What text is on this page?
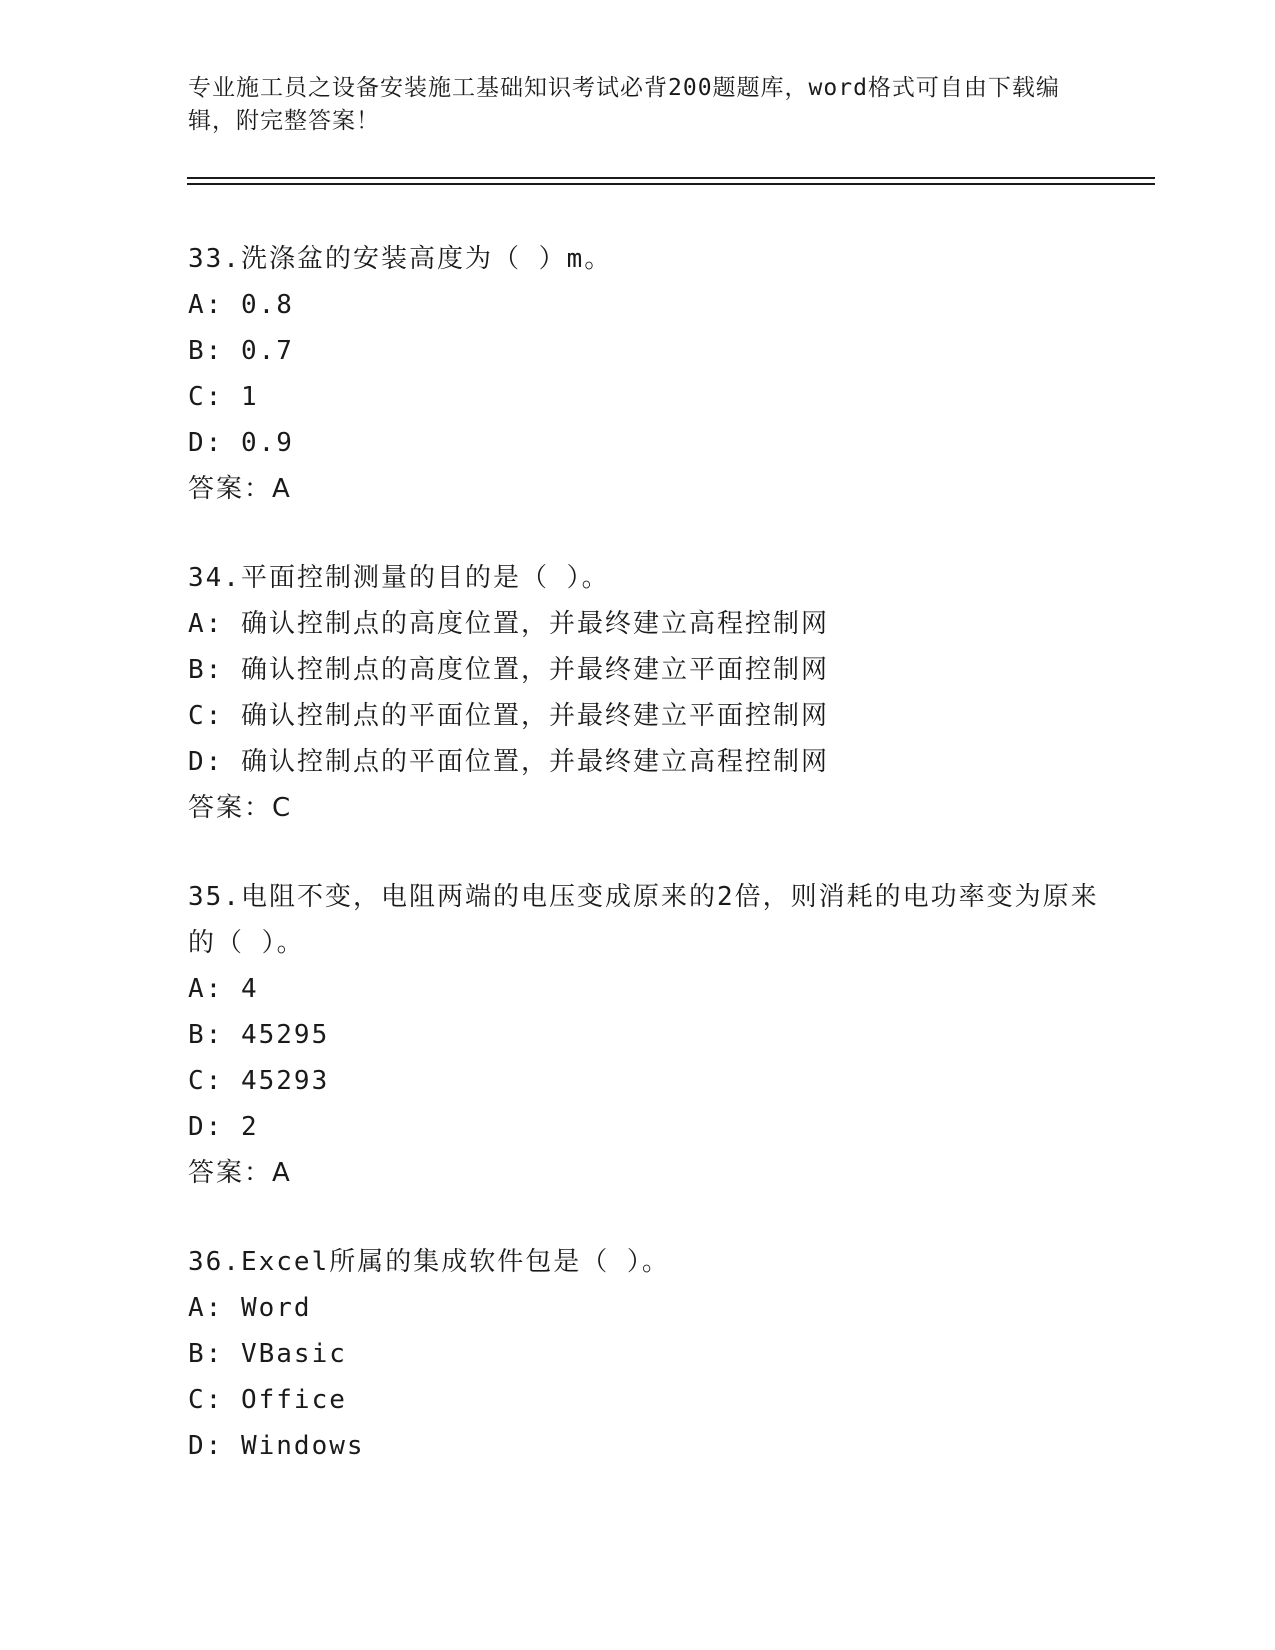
专业施工员之设备安装施工基础知识考试必背200题题库，word格式可自由下载编辑，附完整答案！
33.洗涤盆的安装高度为（ ）m。
A: 0.8
B: 0.7
C: 1
D: 0.9
答案：A
34.平面控制测量的目的是（ ）。
A: 确认控制点的高度位置，并最终建立高程控制网
B: 确认控制点的高度位置，并最终建立平面控制网
C: 确认控制点的平面位置，并最终建立平面控制网
D: 确认控制点的平面位置，并最终建立高程控制网
答案：C
35.电阻不变，电阻两端的电压变成原来的2倍，则消耗的电功率变为原来的（ ）。
A: 4
B: 45295
C: 45293
D: 2
答案：A
36.Excel所属的集成软件包是（ ）。
A: Word
B: VBasic
C: Office
D: Windows
